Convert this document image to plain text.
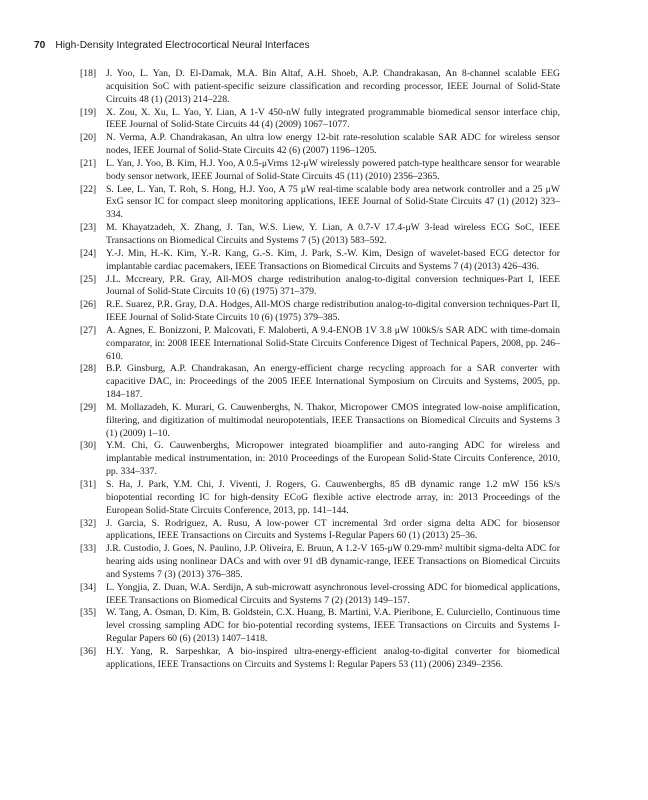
70 High-Density Integrated Electrocortical Neural Interfaces
[18] J. Yoo, L. Yan, D. El-Damak, M.A. Bin Altaf, A.H. Shoeb, A.P. Chandrakasan, An 8-channel scalable EEG acquisition SoC with patient-specific seizure classification and recording processor, IEEE Journal of Solid-State Circuits 48 (1) (2013) 214–228.
[19] X. Zou, X. Xu, L. Yao, Y. Lian, A 1-V 450-nW fully integrated programmable biomedical sensor interface chip, IEEE Journal of Solid-State Circuits 44 (4) (2009) 1067–1077.
[20] N. Verma, A.P. Chandrakasan, An ultra low energy 12-bit rate-resolution scalable SAR ADC for wireless sensor nodes, IEEE Journal of Solid-State Circuits 42 (6) (2007) 1196–1205.
[21] L. Yan, J. Yoo, B. Kim, H.J. Yoo, A 0.5-μVrms 12-μW wirelessly powered patch-type healthcare sensor for wearable body sensor network, IEEE Journal of Solid-State Circuits 45 (11) (2010) 2356–2365.
[22] S. Lee, L. Yan, T. Roh, S. Hong, H.J. Yoo, A 75 μW real-time scalable body area network controller and a 25 μW ExG sensor IC for compact sleep monitoring applications, IEEE Journal of Solid-State Circuits 47 (1) (2012) 323–334.
[23] M. Khayatzadeh, X. Zhang, J. Tan, W.S. Liew, Y. Lian, A 0.7-V 17.4-μW 3-lead wireless ECG SoC, IEEE Transactions on Biomedical Circuits and Systems 7 (5) (2013) 583–592.
[24] Y.-J. Min, H.-K. Kim, Y.-R. Kang, G.-S. Kim, J. Park, S.-W. Kim, Design of wavelet-based ECG detector for implantable cardiac pacemakers, IEEE Transactions on Biomedical Circuits and Systems 7 (4) (2013) 426–436.
[25] J.L. Mccreary, P.R. Gray, All-MOS charge redistribution analog-to-digital conversion techniques-Part I, IEEE Journal of Solid-State Circuits 10 (6) (1975) 371–379.
[26] R.E. Suarez, P.R. Gray, D.A. Hodges, All-MOS charge redistribution analog-to-digital conversion techniques-Part II, IEEE Journal of Solid-State Circuits 10 (6) (1975) 379–385.
[27] A. Agnes, E. Bonizzoni, P. Malcovati, F. Maloberti, A 9.4-ENOB 1V 3.8 μW 100kS/s SAR ADC with time-domain comparator, in: 2008 IEEE International Solid-State Circuits Conference Digest of Technical Papers, 2008, pp. 246–610.
[28] B.P. Ginsburg, A.P. Chandrakasan, An energy-efficient charge recycling approach for a SAR converter with capacitive DAC, in: Proceedings of the 2005 IEEE International Symposium on Circuits and Systems, 2005, pp. 184–187.
[29] M. Mollazadeh, K. Murari, G. Cauwenberghs, N. Thakor, Micropower CMOS integrated low-noise amplification, filtering, and digitization of multimodal neuropotentials, IEEE Transactions on Biomedical Circuits and Systems 3 (1) (2009) 1–10.
[30] Y.M. Chi, G. Cauwenberghs, Micropower integrated bioamplifier and auto-ranging ADC for wireless and implantable medical instrumentation, in: 2010 Proceedings of the European Solid-State Circuits Conference, 2010, pp. 334–337.
[31] S. Ha, J. Park, Y.M. Chi, J. Viventi, J. Rogers, G. Cauwenberghs, 85 dB dynamic range 1.2 mW 156 kS/s biopotential recording IC for high-density ECoG flexible active electrode array, in: 2013 Proceedings of the European Solid-State Circuits Conference, 2013, pp. 141–144.
[32] J. Garcia, S. Rodriguez, A. Rusu, A low-power CT incremental 3rd order sigma delta ADC for biosensor applications, IEEE Transactions on Circuits and Systems I-Regular Papers 60 (1) (2013) 25–36.
[33] J.R. Custodio, J. Goes, N. Paulino, J.P. Oliveira, E. Bruun, A 1.2-V 165-μW 0.29-mm² multibit sigma-delta ADC for hearing aids using nonlinear DACs and with over 91 dB dynamic-range, IEEE Transactions on Biomedical Circuits and Systems 7 (3) (2013) 376–385.
[34] L. Yongjia, Z. Duan, W.A. Serdijn, A sub-microwatt asynchronous level-crossing ADC for biomedical applications, IEEE Transactions on Biomedical Circuits and Systems 7 (2) (2013) 149–157.
[35] W. Tang, A. Osman, D. Kim, B. Goldstein, C.X. Huang, B. Martini, V.A. Pieribone, E. Culurciello, Continuous time level crossing sampling ADC for bio-potential recording systems, IEEE Transactions on Circuits and Systems I-Regular Papers 60 (6) (2013) 1407–1418.
[36] H.Y. Yang, R. Sarpeshkar, A bio-inspired ultra-energy-efficient analog-to-digital converter for biomedical applications, IEEE Transactions on Circuits and Systems I: Regular Papers 53 (11) (2006) 2349–2356.
